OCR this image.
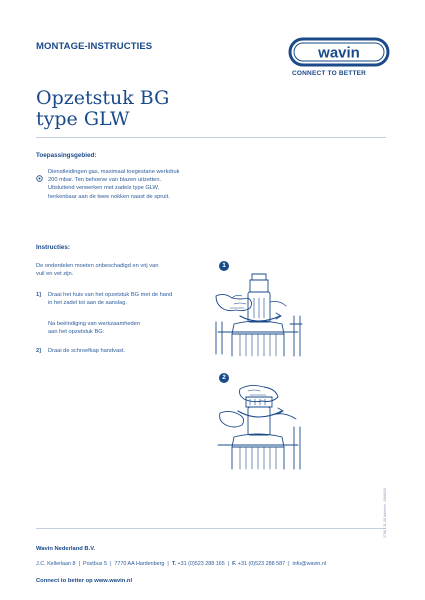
MONTAGE-INSTRUCTIES	wavin
CONNECT TO BETTER
Opzetstuk BG
type GLW
Toepassingsgebied:
Dienstleidingen gas, maximaal toegestane werkdruk
200 mbar. Ten behoeve van blazen uitzetten.
Uitsluitend verwerken met zadels type GLW,
herkenbaar aan de twee nokken naast de spruit.
Instructies:
De onderdelen moeten onbeschadigd en vrij van
vuil en vet zijn.
1] Draai het huis van het opzetstuk BG met de hand
in het zadel tot aan de aanslag.
Na beëindiging van werkzaamheden
aan het opzetstuk BG:
2] Draai de schroefkap handvast.
1
2
Wavin Nederland B.V.
J.C. Kellerlaan 8 | Postbus 5 | 7770 AA Hardenberg | T. +31 (0)523 288 165 | F. +31 (0)523 288 587 | info@wavin.nl
Connect to better op www.wavin.nl
1798 / 11-08 Artikelnr. 4068189
